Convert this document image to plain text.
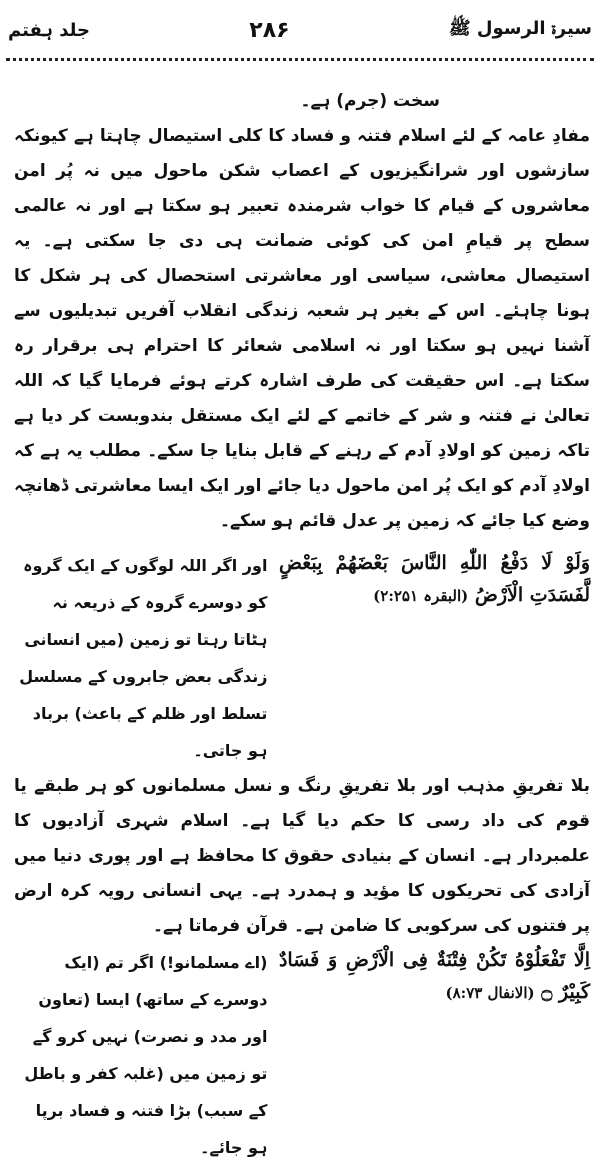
سیرۃ الرسول ﷺ
۲۸۶
جلد ہفتم

سخت (جرم) ہے۔

مفادِ عامہ کے لئے اسلام فتنہ و فساد کا کلی استیصال چاہتا ہے کیونکہ سازشوں اور شرانگیزیوں کے اعصاب شکن ماحول میں نہ پُر امن معاشروں کے قیام کا خواب شرمندہ تعبیر ہو سکتا ہے اور نہ عالمی سطح پر قیامِ امن کی کوئی ضمانت ہی دی جا سکتی ہے۔ یہ استیصال معاشی، سیاسی اور معاشرتی استحصال کی ہر شکل کا ہونا چاہئے۔ اس کے بغیر ہر شعبہ زندگی انقلاب آفریں تبدیلیوں سے آشنا نہیں ہو سکتا اور نہ اسلامی شعائر کا احترام ہی برقرار رہ سکتا ہے۔ اس حقیقت کی طرف اشارہ کرتے ہوئے فرمایا گیا کہ اللہ تعالیٰ نے فتنہ و شر کے خاتمے کے لئے ایک مستقل بندوبست کر دیا ہے تاکہ زمین کو اولادِ آدم کے رہنے کے قابل بنایا جا سکے۔ مطلب یہ ہے کہ اولادِ آدم کو ایک پُر امن ماحول دیا جائے اور ایک ایسا معاشرتی ڈھانچہ وضع کیا جائے کہ زمین پر عدل قائم ہو سکے۔

وَلَوْ لَا دَفْعُ اللّٰهِ النَّاسَ بَعْضَهُمْ بِبَعْضٍ لَّفَسَدَتِ الْاَرْضُ (البقرہ ۲:۲۵۱)
اور اگر اللہ لوگوں کے ایک گروہ کو دوسرے گروہ کے ذریعہ نہ ہٹاتا رہتا تو زمین (میں انسانی زندگی بعض جابروں کے مسلسل تسلط اور ظلم کے باعث) برباد ہو جاتی۔

بلا تفریقِ مذہب اور بلا تفریقِ رنگ و نسل مسلمانوں کو ہر طبقے یا قوم کی داد رسی کا حکم دیا گیا ہے۔ اسلام شہری آزادیوں کا علمبردار ہے۔ انسان کے بنیادی حقوق کا محافظ ہے اور پوری دنیا میں آزادی کی تحریکوں کا مؤید و ہمدرد ہے۔ یہی انسانی رویہ کرہ ارض پر فتنوں کی سرکوبی کا ضامن ہے۔ قرآن فرماتا ہے۔

اِلَّا تَفْعَلُوْهُ تَكُنْ فِتْنَةٌ فِی الْاَرْضِ وَ فَسَادٌ كَبِیْرٌ ۝ (الانفال ۸:۷۳)
(اے مسلمانو!) اگر تم (ایک دوسرے کے ساتھ) ایسا (تعاون اور مدد و نصرت) نہیں کرو گے تو زمین میں (غلبہ کفر و باطل کے سبب) بڑا فتنہ و فساد برپا ہو جائے۔
